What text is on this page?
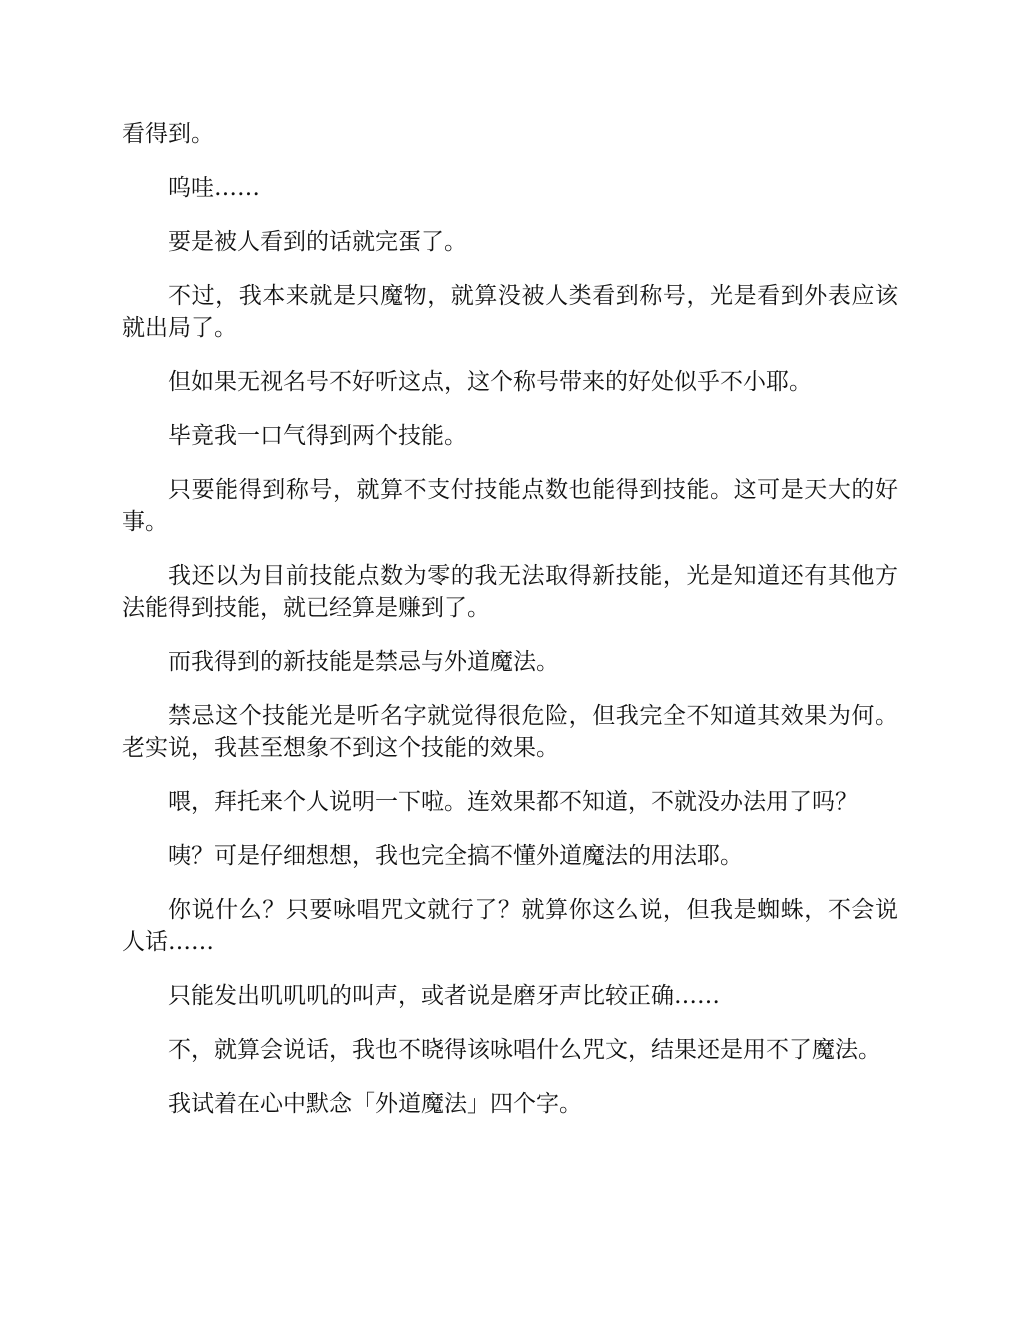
看得到。

呜哇……

要是被人看到的话就完蛋了。

不过，我本来就是只魔物，就算没被人类看到称号，光是看到外表应该就出局了。

但如果无视名号不好听这点，这个称号带来的好处似乎不小耶。

毕竟我一口气得到两个技能。

只要能得到称号，就算不支付技能点数也能得到技能。这可是天大的好事。

我还以为目前技能点数为零的我无法取得新技能，光是知道还有其他方法能得到技能，就已经算是赚到了。

而我得到的新技能是禁忌与外道魔法。

禁忌这个技能光是听名字就觉得很危险，但我完全不知道其效果为何。老实说，我甚至想象不到这个技能的效果。

喂，拜托来个人说明一下啦。连效果都不知道，不就没办法用了吗？

咦？可是仔细想想，我也完全搞不懂外道魔法的用法耶。

你说什么？只要咏唱咒文就行了？就算你这么说，但我是蜘蛛，不会说人话……

只能发出叽叽叽的叫声，或者说是磨牙声比较正确……

不，就算会说话，我也不晓得该咏唱什么咒文，结果还是用不了魔法。

我试着在心中默念「外道魔法」四个字。
